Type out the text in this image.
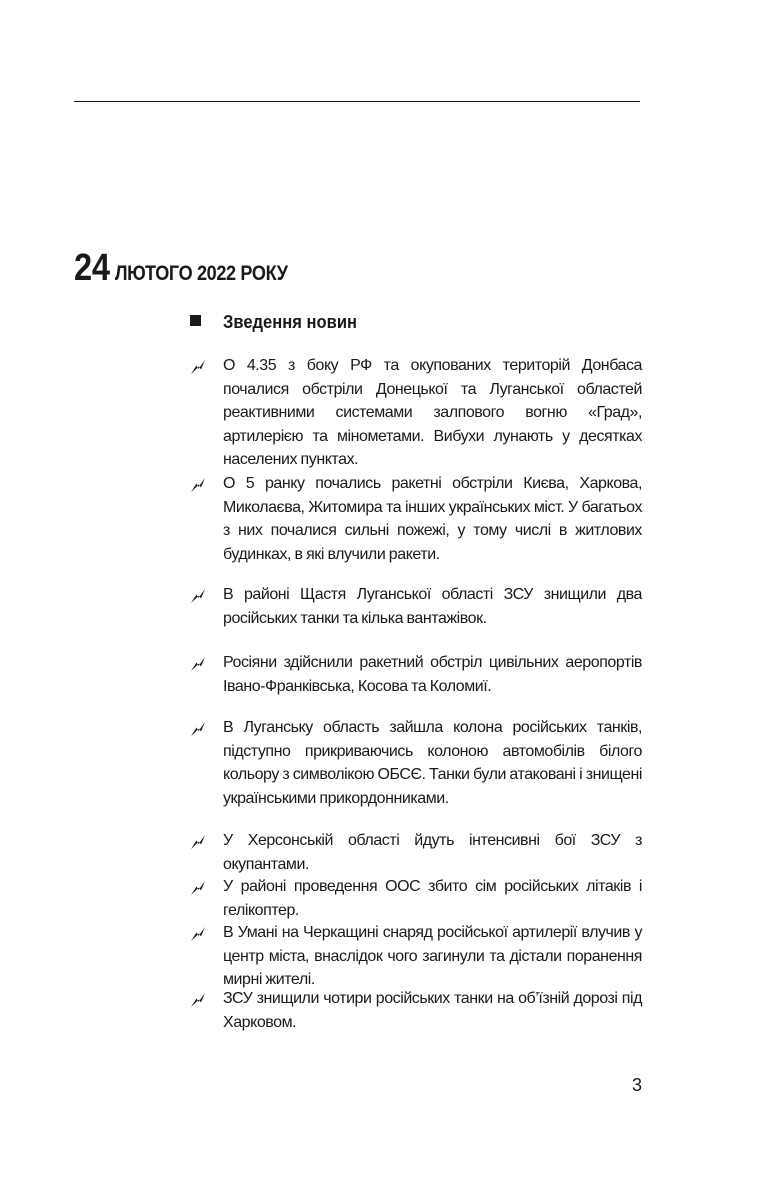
24 ЛЮТОГО 2022 РОКУ
Зведення новин
О 4.35 з боку РФ та окупованих територій Донбаса почалися обстріли Донецької та Луганської областей реактивними системами залпового вогню «Град», артилерією та мінометами. Вибухи лунають у десятках населених пунктах.
О 5 ранку почались ракетні обстріли Києва, Харкова, Миколаєва, Житомира та інших українських міст. У багатьох з них почалися сильні пожежі, у тому числі в житлових будинках, в які влучили ракети.
В районі Щастя Луганської області ЗСУ знищили два російських танки та кілька вантажівок.
Росіяни здійснили ракетний обстріл цивільних аеропортів Івано-Франківська, Косова та Коломиї.
В Луганську область зайшла колона російських танків, підступно прикриваючись колоною автомобілів білого кольору з символікою ОБСЄ. Танки були атаковані і знищені українськими прикордонниками.
У Херсонській області йдуть інтенсивні бої ЗСУ з окупантами.
У районі проведення ООС збито сім російських літаків і гелікоптер.
В Умані на Черкащині снаряд російської артилерії влучив у центр міста, внаслідок чого загинули та дістали поранення мирні жителі.
ЗСУ знищили чотири російських танки на об’їзній дорозі під Харковом.
3
